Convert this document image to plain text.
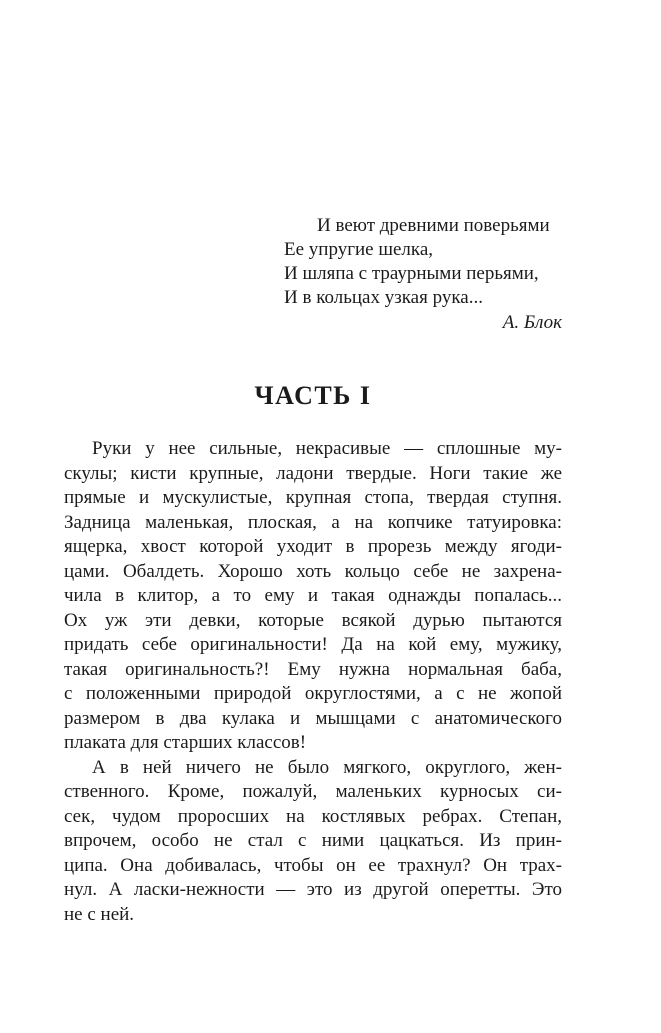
И веют древними поверьями
Ее упругие шелка,
И шляпа с траурными перьями,
И в кольцах узкая рука...
А. Блок
ЧАСТЬ I
Руки у нее сильные, некрасивые — сплошные му-
скулы; кисти крупные, ладони твердые. Ноги такие же
прямые и мускулистые, крупная стопа, твердая ступня.
Задница маленькая, плоская, а на копчике татуировка:
ящерка, хвост которой уходит в прорезь между ягоди-
цами. Обалдеть. Хорошо хоть кольцо себе не захрена-
чила в клитор, а то ему и такая однажды попалась...
Ох уж эти девки, которые всякой дурью пытаются
придать себе оригинальности! Да на кой ему, мужику,
такая оригинальность?! Ему нужна нормальная баба,
с положенными природой округлостями, а с не жопой
размером в два кулака и мышцами с анатомического
плаката для старших классов!
А в ней ничего не было мягкого, округлого, жен-
ственного. Кроме, пожалуй, маленьких курносых си-
сек, чудом проросших на костлявых ребрах. Степан,
впрочем, особо не стал с ними цацкаться. Из прин-
ципа. Она добивалась, чтобы он ее трахнул? Он трах-
нул. А ласки-нежности — это из другой оперетты. Это
не с ней.
